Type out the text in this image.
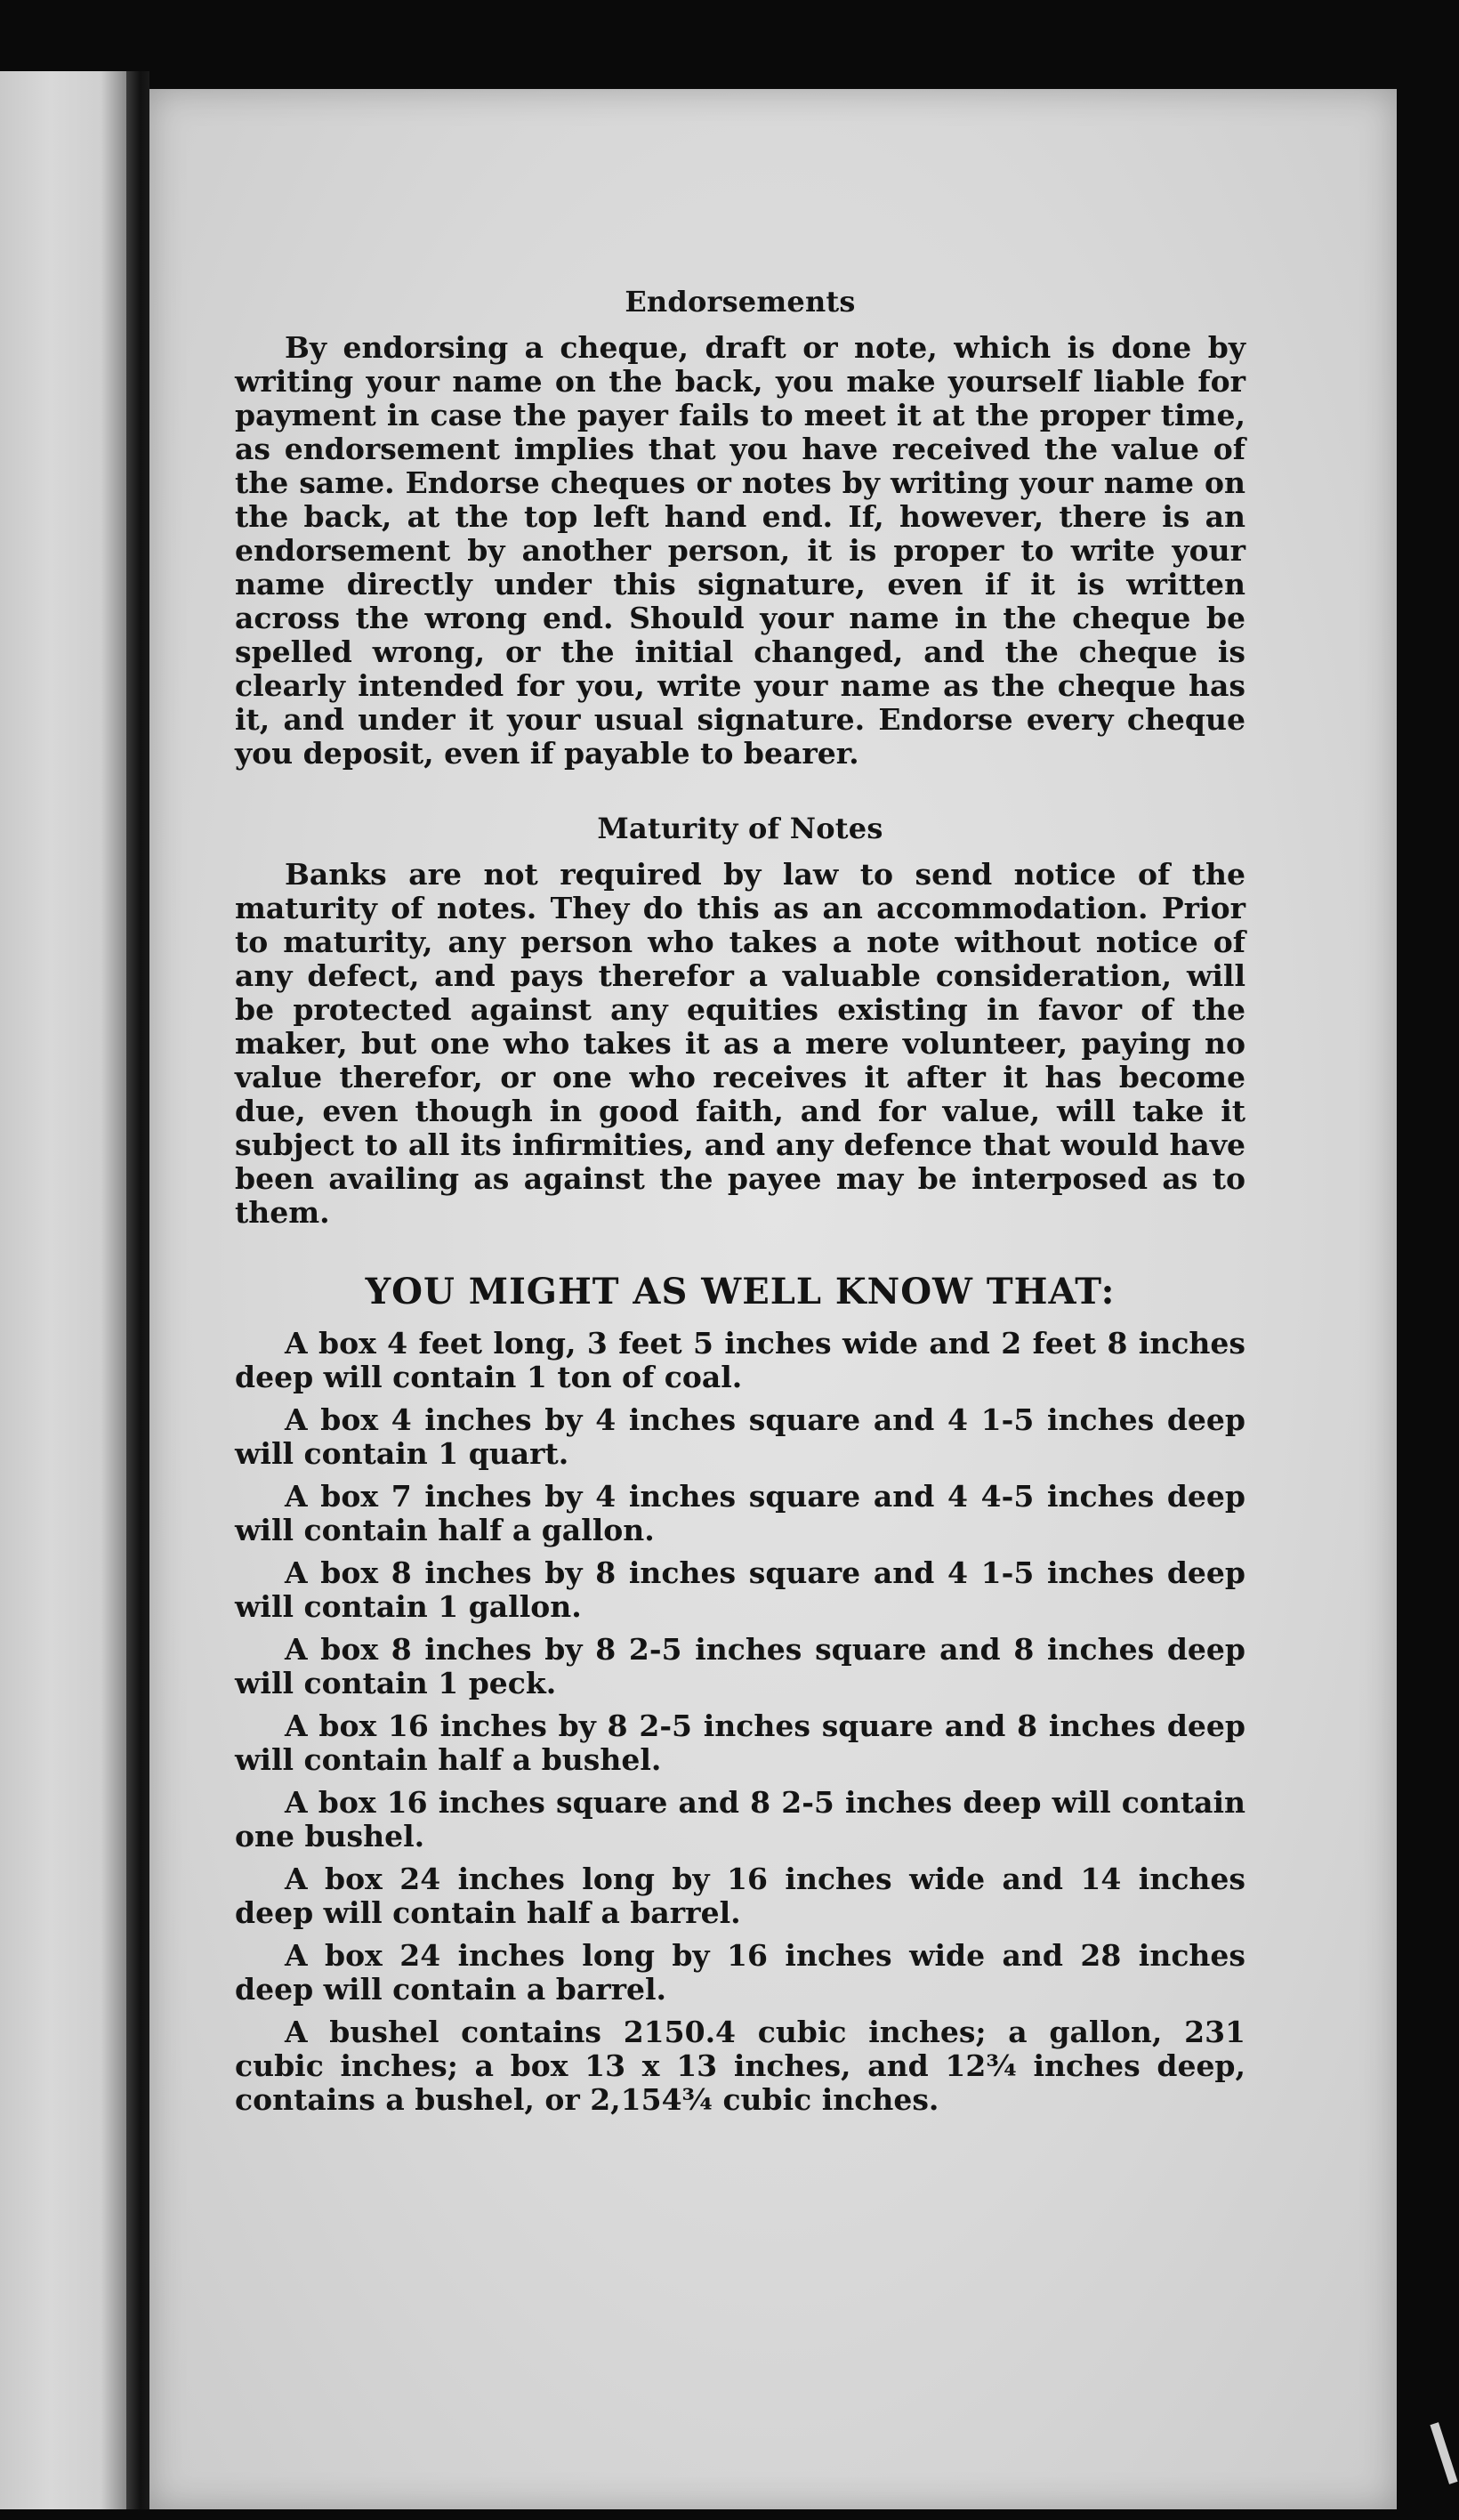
Endorsements

By endorsing a cheque, draft or note, which is done by writing your name on the back, you make yourself liable for payment in case the payer fails to meet it at the proper time, as endorsement implies that you have received the value of the same. Endorse cheques or notes by writing your name on the back, at the top left hand end. If, however, there is an endorsement by another person, it is proper to write your name directly under this signature, even if it is written across the wrong end. Should your name in the cheque be spelled wrong, or the initial changed, and the cheque is clearly intended for you, write your name as the cheque has it, and under it your usual signature. Endorse every cheque you deposit, even if payable to bearer.

Maturity of Notes

Banks are not required by law to send notice of the maturity of notes. They do this as an accommodation. Prior to maturity, any person who takes a note without notice of any defect, and pays therefor a valuable consideration, will be protected against any equities existing in favor of the maker, but one who takes it as a mere volunteer, paying no value therefor, or one who receives it after it has become due, even though in good faith, and for value, will take it subject to all its infirmities, and any defence that would have been availing as against the payee may be interposed as to them.

YOU MIGHT AS WELL KNOW THAT:

A box 4 feet long, 3 feet 5 inches wide and 2 feet 8 inches deep will contain 1 ton of coal.

A box 4 inches by 4 inches square and 4 1-5 inches deep will contain 1 quart.

A box 7 inches by 4 inches square and 4 4-5 inches deep will contain half a gallon.

A box 8 inches by 8 inches square and 4 1-5 inches deep will contain 1 gallon.

A box 8 inches by 8 2-5 inches square and 8 inches deep will contain 1 peck.

A box 16 inches by 8 2-5 inches square and 8 inches deep will contain half a bushel.

A box 16 inches square and 8 2-5 inches deep will contain one bushel.

A box 24 inches long by 16 inches wide and 14 inches deep will contain half a barrel.

A box 24 inches long by 16 inches wide and 28 inches deep will contain a barrel.

A bushel contains 2150.4 cubic inches; a gallon, 231 cubic inches; a box 13 x 13 inches, and 12¾ inches deep, contains a bushel, or 2,154¾ cubic inches.
